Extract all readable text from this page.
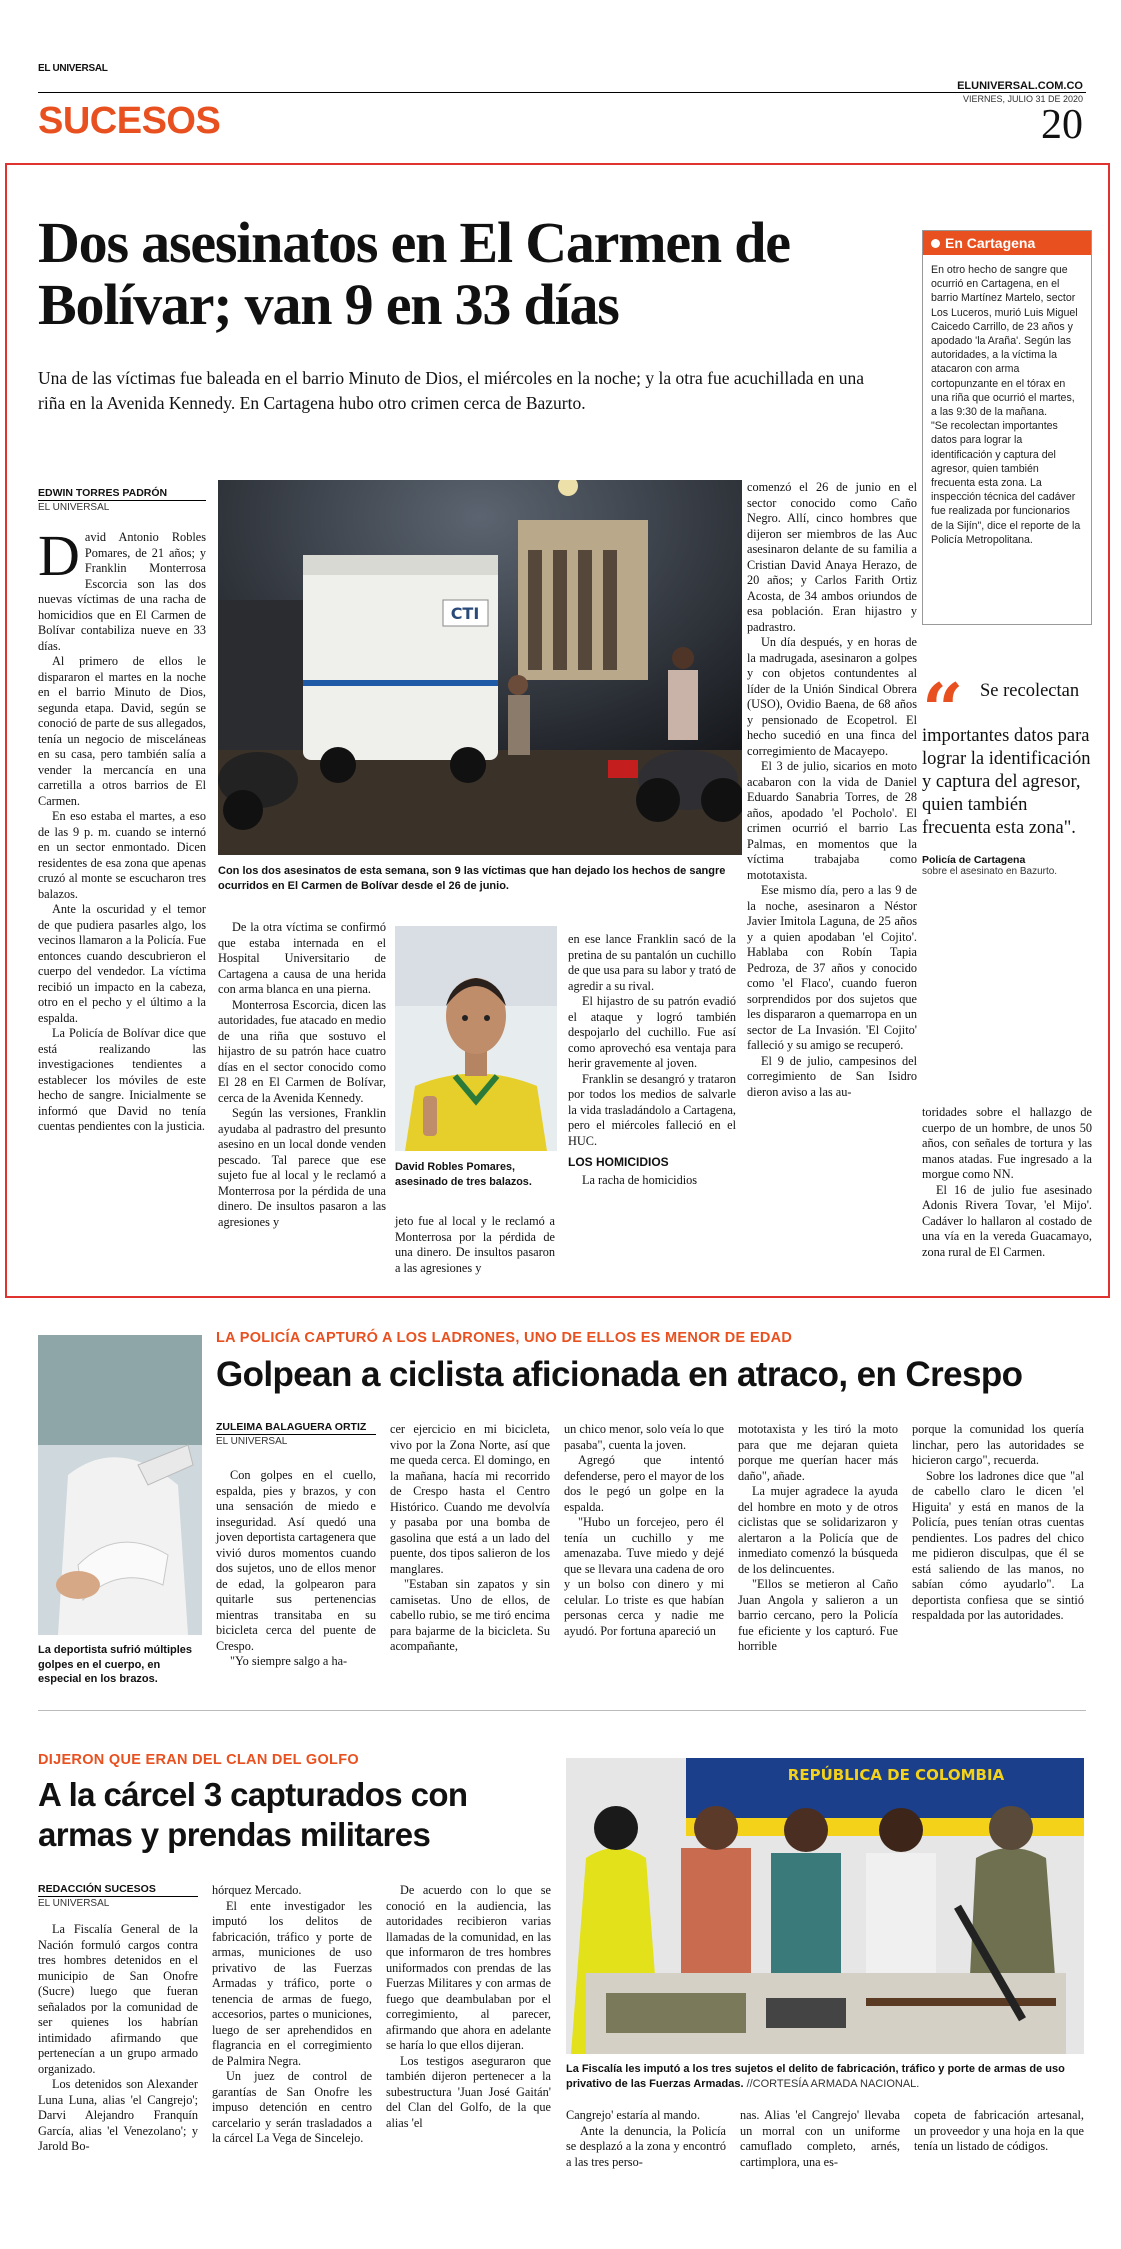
EL UNIVERSAL
ELUNIVERSAL.COM.CO
VIERNES, JULIO 31 DE 2020
SUCESOS	20
Dos asesinatos en El Carmen de Bolívar; van 9 en 33 días
Una de las víctimas fue baleada en el barrio Minuto de Dios, el miércoles en la noche; y la otra fue acuchillada en una riña en la Avenida Kennedy. En Cartagena hubo otro crimen cerca de Bazurto.
EDWIN TORRES PADRÓN
EL UNIVERSAL

David Antonio Robles Pomares, de 21 años; y Franklin Monterrosa Escorcia son las dos nuevas víctimas de una racha de homicidios que en El Carmen de Bolívar contabiliza nueve en 33 días.

Al primero de ellos le dispararon el martes en la noche en el barrio Minuto de Dios, segunda etapa. David, según se conoció de parte de sus allegados, tenía un negocio de misceláneas en su casa, pero también salía a vender la mercancía en una carretilla a otros barrios de El Carmen.

En eso estaba el martes, a eso de las 9 p. m. cuando se internó en un sector enmontado. Dicen residentes de esa zona que apenas cruzó al monte se escucharon tres balazos.

Ante la oscuridad y el temor de que pudiera pasarles algo, los vecinos llamaron a la Policía. Fue entonces cuando descubrieron el cuerpo del vendedor. La víctima recibió un impacto en la cabeza, otro en el pecho y el último a la espalda.

La Policía de Bolívar dice que está realizando las investigaciones tendientes a establecer los móviles de este hecho de sangre. Inicialmente se informó que David no tenía cuentas pendientes con la justicia.

CTI
Con los dos asesinatos de esta semana, son 9 las víctimas que han dejado los hechos de sangre ocurridos en El Carmen de Bolívar desde el 26 de junio.

De la otra víctima se confirmó que estaba internada en el Hospital Universitario de Cartagena a causa de una herida con arma blanca en una pierna.

Monterrosa Escorcia, dicen las autoridades, fue atacado en medio de una riña que sostuvo el hijastro de su patrón hace cuatro días en el sector conocido como El 28 en El Carmen de Bolívar, cerca de la Avenida Kennedy.

Según las versiones, Franklin ayudaba al padrastro del presunto asesino en un local donde venden pescado. Tal parece que ese sujeto fue al local y le reclamó a Monterrosa por la pérdida de una dinero. De insultos pasaron a las agresiones y

David Robles Pomares, asesinado de tres balazos.

jeto fue al local y le reclamó a Monterrosa por la pérdida de una dinero. De insultos pasaron a las agresiones y

en ese lance Franklin sacó de la pretina de su pantalón un cuchillo de que usa para su labor y trató de agredir a su rival.

El hijastro de su patrón evadió el ataque y logró también despojarlo del cuchillo. Fue así como aprovechó esa ventaja para herir gravemente al joven.

Franklin se desangró y trataron por todos los medios de salvarle la vida trasladándolo a Cartagena, pero el miércoles falleció en el HUC.

LOS HOMICIDIOS

La racha de homicidios

comenzó el 26 de junio en el sector conocido como Caño Negro. Allí, cinco hombres que dijeron ser miembros de las Auc asesinaron delante de su familia a Cristian David Anaya Herazo, de 20 años; y Carlos Farith Ortiz Acosta, de 34 ambos oriundos de esa población. Eran hijastro y padrastro.

Un día después, y en horas de la madrugada, asesinaron a golpes y con objetos contundentes al líder de la Unión Sindical Obrera (USO), Ovidio Baena, de 68 años y pensionado de Ecopetrol. El hecho sucedió en una finca del corregimiento de Macayepo.

El 3 de julio, sicarios en moto acabaron con la vida de Daniel Eduardo Sanabria Torres, de 28 años, apodado 'el Pocholo'. El crimen ocurrió el barrio Las Palmas, en momentos que la víctima trabajaba como mototaxista.

Ese mismo día, pero a las 9 de la noche, asesinaron a Néstor Javier Imitola Laguna, de 25 años y a quien apodaban 'el Cojito'. Hablaba con Robín Tapia Pedroza, de 37 años y conocido como 'el Flaco', cuando fueron sorprendidos por dos sujetos que les dispararon a quemarropa en un sector de La Invasión. 'El Cojito' falleció y su amigo se recuperó.

El 9 de julio, campesinos del corregimiento de San Isidro dieron aviso a las au-

En Cartagena

En otro hecho de sangre que ocurrió en Cartagena, en el barrio Martínez Martelo, sector Los Luceros, murió Luis Miguel Caicedo Carrillo, de 23 años y apodado 'la Araña'. Según las autoridades, a la víctima la atacaron con arma cortopunzante en el tórax en una riña que ocurrió el martes, a las 9:30 de la mañana.

"Se recolectan importantes datos para lograr la identificación y captura del agresor, quien también frecuenta esta zona. La inspección técnica del cadáver fue realizada por funcionarios de la Sijín", dice el reporte de la Policía Metropolitana.

“ Se recolectan
importantes datos para lograr la identificación y captura del agresor, quien también frecuenta esta zona".
Policía de Cartagena
sobre el asesinato en Bazurto.

toridades sobre el hallazgo de cuerpo de un hombre, de unos 50 años, con señales de tortura y las manos atadas. Fue ingresado a la morgue como NN.

El 16 de julio fue asesinado Adonis Rivera Tovar, 'el Mijo'. Cadáver lo hallaron al costado de una vía en la vereda Guacamayo, zona rural de El Carmen.

La deportista sufrió múltiples golpes en el cuerpo, en especial en los brazos.
LA POLICÍA CAPTURÓ A LOS LADRONES, UNO DE ELLOS ES MENOR DE EDAD
Golpean a ciclista aficionada en atraco, en Crespo
ZULEIMA BALAGUERA ORTIZ
EL UNIVERSAL

Con golpes en el cuello, espalda, pies y brazos, y con una sensación de miedo e inseguridad. Así quedó una joven deportista cartagenera que vivió duros momentos cuando dos sujetos, uno de ellos menor de edad, la golpearon para quitarle sus pertenencias mientras transitaba en su bicicleta cerca del puente de Crespo.

"Yo siempre salgo a ha-

cer ejercicio en mi bicicleta, vivo por la Zona Norte, así que me queda cerca. El domingo, en la mañana, hacía mi recorrido de Crespo hasta el Centro Histórico. Cuando me devolvía y pasaba por una bomba de gasolina que está a un lado del puente, dos tipos salieron de los manglares.

"Estaban sin zapatos y sin camisetas. Uno de ellos, de cabello rubio, se me tiró encima para bajarme de la bicicleta. Su acompañante,

un chico menor, solo veía lo que pasaba", cuenta la joven.

Agregó que intentó defenderse, pero el mayor de los dos le pegó un golpe en la espalda.

"Hubo un forcejeo, pero él tenía un cuchillo y me amenazaba. Tuve miedo y dejé que se llevara una cadena de oro y un bolso con dinero y mi celular. Lo triste es que habían personas cerca y nadie me ayudó. Por fortuna apareció un

mototaxista y les tiró la moto para que me dejaran quieta porque me querían hacer más daño", añade.

La mujer agradece la ayuda del hombre en moto y de otros ciclistas que se solidarizaron y alertaron a la Policía que de inmediato comenzó la búsqueda de los delincuentes.

"Ellos se metieron al Caño Juan Angola y salieron a un barrio cercano, pero la Policía fue eficiente y los capturó. Fue horrible

porque la comunidad los quería linchar, pero las autoridades se hicieron cargo", recuerda.

Sobre los ladrones dice que "al de cabello claro le dicen 'el Higuita' y está en manos de la Policía, pues tenían otras cuentas pendientes. Los padres del chico me pidieron disculpas, que él se está saliendo de las manos, no sabían cómo ayudarlo". La deportista confiesa que se sintió respaldada por las autoridades.

DIJERON QUE ERAN DEL CLAN DEL GOLFO
A la cárcel 3 capturados con
armas y prendas militares
REDACCIÓN SUCESOS
EL UNIVERSAL

La Fiscalía General de la Nación formuló cargos contra tres hombres detenidos en el municipio de San Onofre (Sucre) luego que fueran señalados por la comunidad de ser quienes los habrían intimidado afirmando que pertenecían a un grupo armado organizado.

Los detenidos son Alexander Luna Luna, alias 'el Cangrejo'; Darvi Alejandro Franquín García, alias 'el Venezolano'; y Jarold Bo-

hórquez Mercado.

El ente investigador les imputó los delitos de fabricación, tráfico y porte de armas, municiones de uso privativo de las Fuerzas Armadas y tráfico, porte o tenencia de armas de fuego, accesorios, partes o municiones, luego de ser aprehendidos en flagrancia en el corregimiento de Palmira Negra.

Un juez de control de garantías de San Onofre les impuso detención en centro carcelario y serán trasladados a la cárcel La Vega de Sincelejo.

De acuerdo con lo que se conoció en la audiencia, las autoridades recibieron varias llamadas de la comunidad, en las que informaron de tres hombres uniformados con prendas de las Fuerzas Militares y con armas de fuego que deambulaban por el corregimiento, al parecer, afirmando que ahora en adelante se haría lo que ellos dijeran.

Los testigos aseguraron que también dijeron pertenecer a la subestructura 'Juan José Gaitán' del Clan del Golfo, de la que alias 'el

REPÚBLICA DE COLOMBIA
La Fiscalía les imputó a los tres sujetos el delito de fabricación, tráfico y porte de armas de uso privativo de las Fuerzas Armadas. //CORTESÍA ARMADA NACIONAL.

Cangrejo' estaría al mando.

Ante la denuncia, la Policía se desplazó a la zona y encontró a las tres perso-

nas. Alias 'el Cangrejo' llevaba un morral con un uniforme camuflado completo, arnés, cartimplora, una es-

copeta de fabricación artesanal, un proveedor y una hoja en la que tenía un listado de códigos.
